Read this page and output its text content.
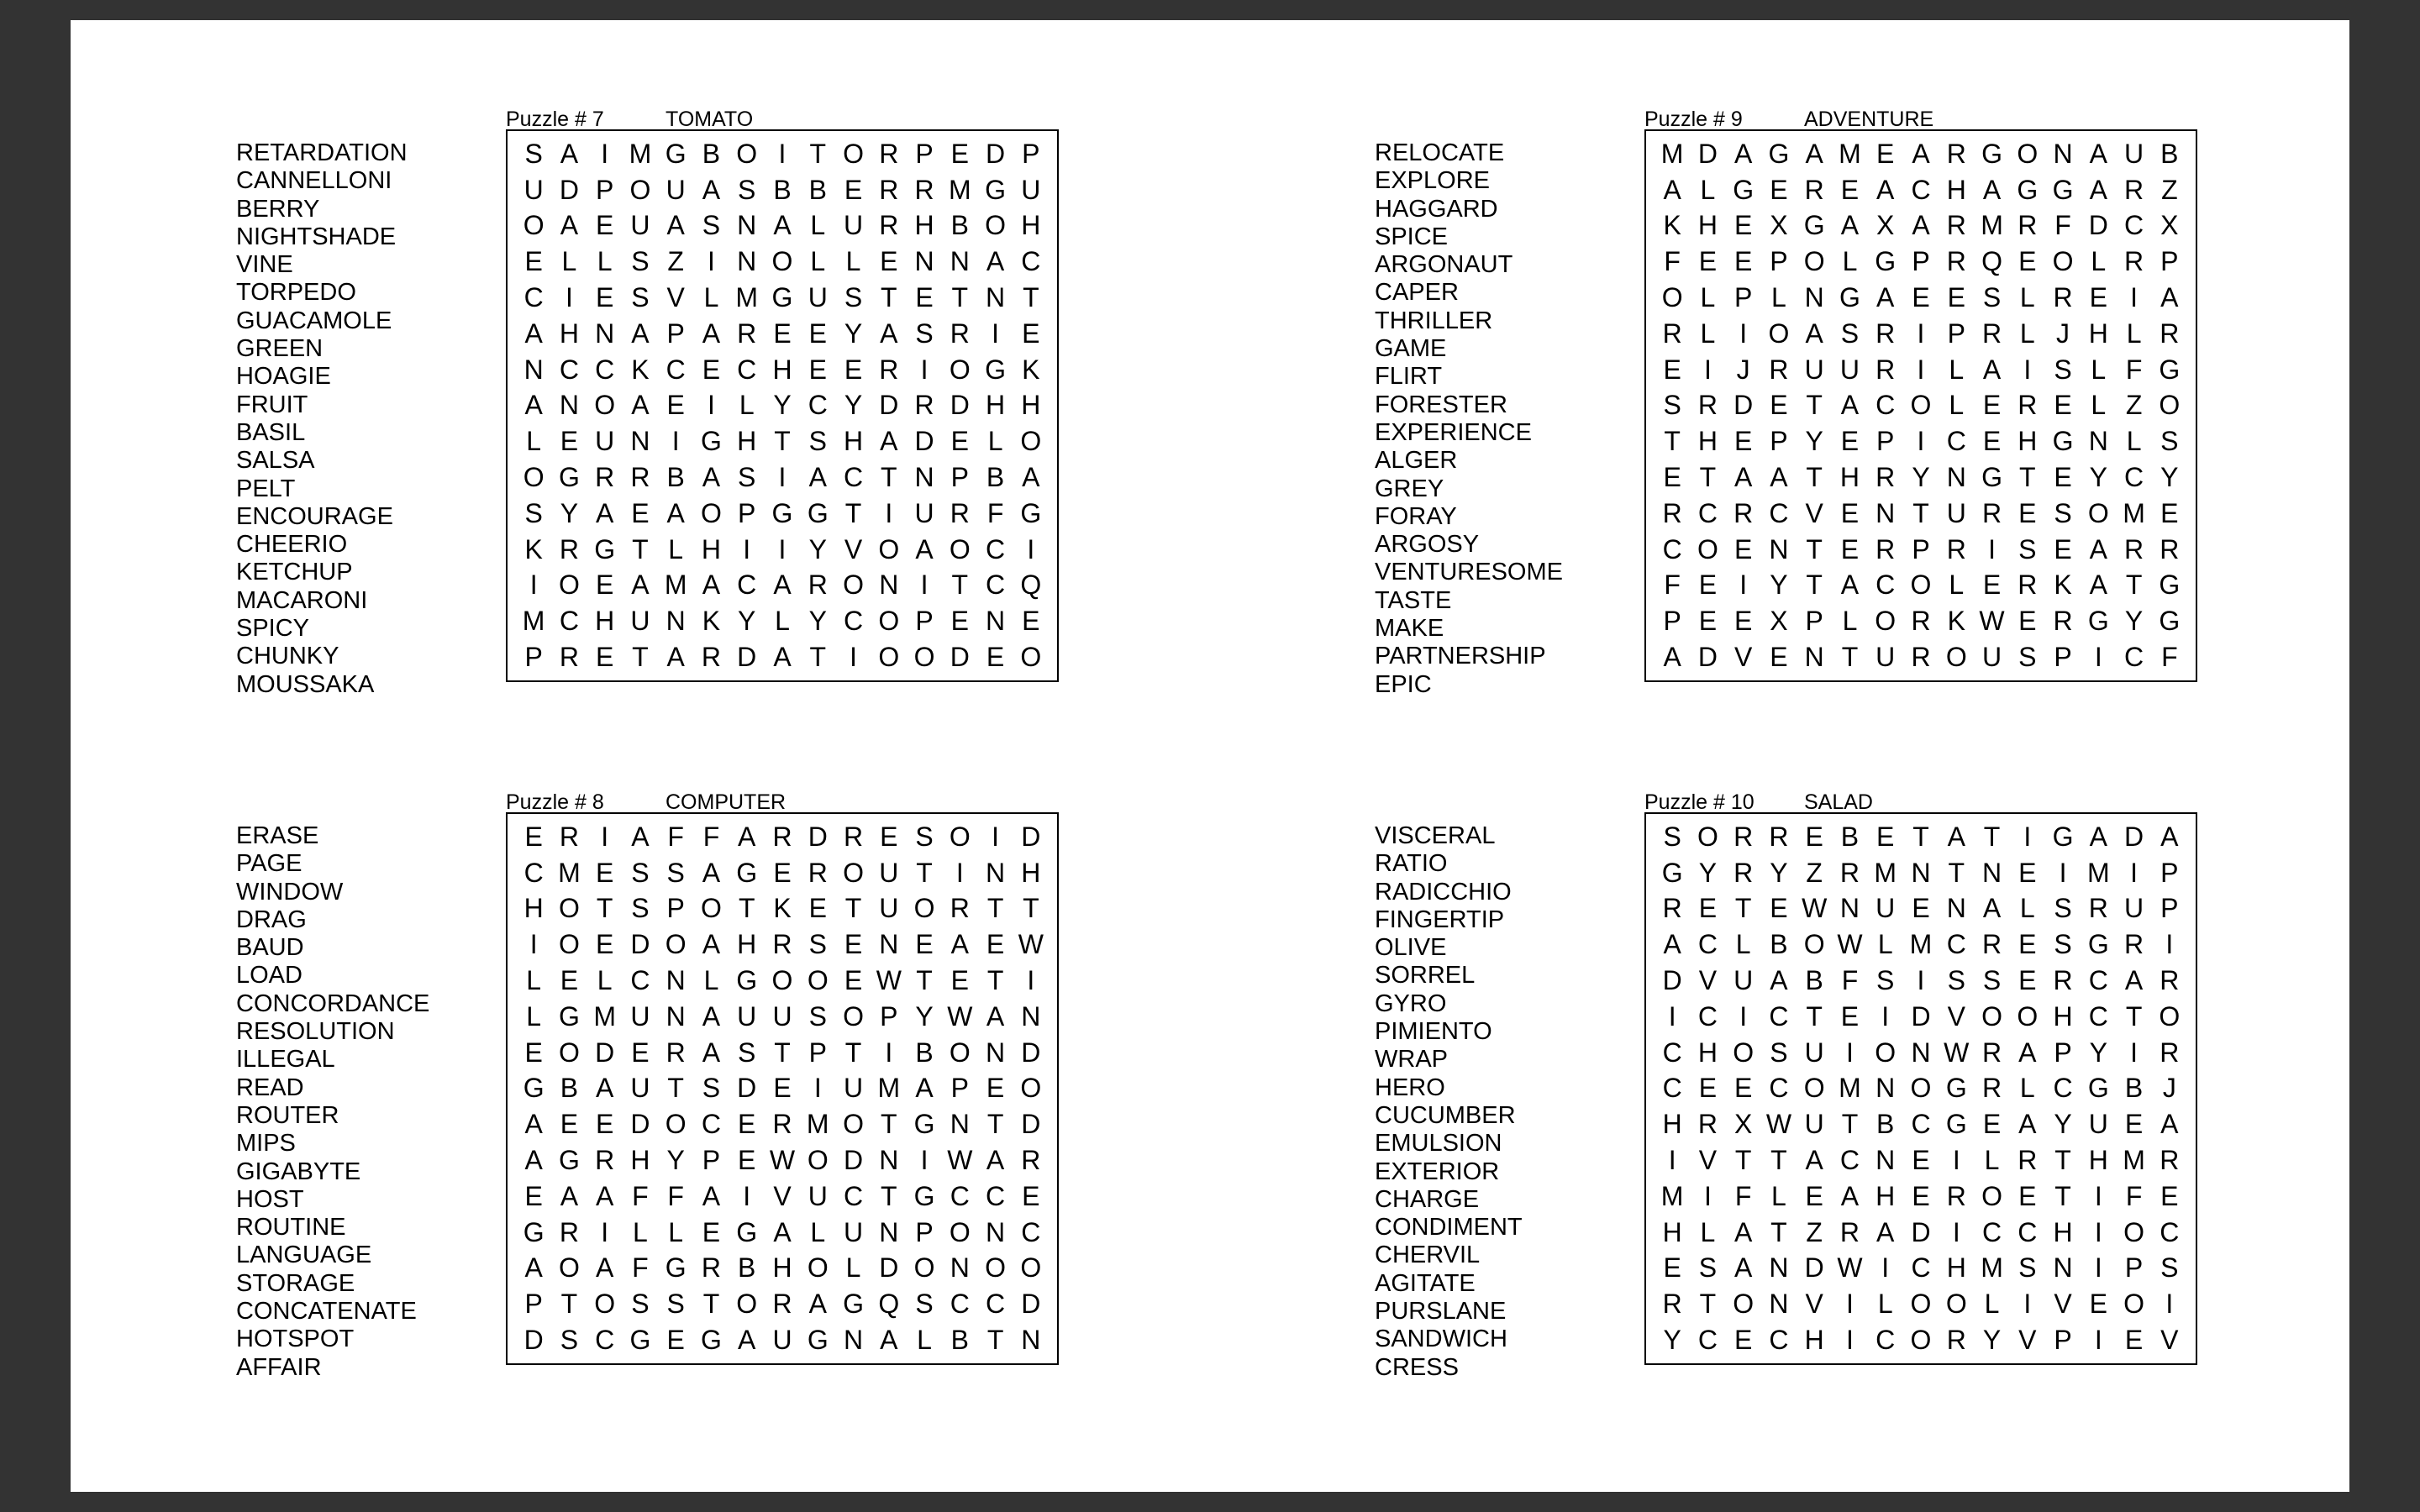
RETARDATION
CANNELLONI
BERRY
NIGHTSHADE
VINE
TORPEDO
GUACAMOLE
GREEN
HOAGIE
FRUIT
BASIL
SALSA
PELT
ENCOURAGE
CHEERIO
KETCHUP
MACARONI
SPICY
CHUNKY
MOUSSAKA
Puzzle # 7	TOMATO
S A I M G B O I T O R P E D P
U D P O U A S B B E R R M G U
O A E U A S N A L U R H B O H
E L L S Z I N O L L E N N A C
C I E S V L M G U S T E T N T
A H N A P A R E E Y A S R I E
N C C K C E C H E E R I O G K
A N O A E I L Y C Y D R D H H
L E U N I G H T S H A D E L O
O G R R B A S I A C T N P B A
S Y A E A O P G G T I U R F G
K R G T L H I	I Y V O A O C I
I O E A M A C A R O N I T C Q
M C H U N K Y L Y C O P E N E
P R E T A R D A T I O O D E O
RELOCATE
EXPLORE
HAGGARD
SPICE
ARGONAUT
CAPER
THRILLER
GAME
FLIRT
FORESTER
EXPERIENCE
ALGER
GREY
FORAY
ARGOSY
VENTURESOME
TASTE
MAKE
PARTNERSHIP
EPIC
Puzzle # 9	ADVENTURE
M D A G A M E A R G O N A U B
A L G E R E A C H A G G A R Z
K H E X G A X A R M R F D C X
F E E P O L G P R Q E O L R P
O L P L N G A E E S L R E I A
R L I O A S R I P R L J H L R
E I J R U U R I L A I S L F G
S R D E T A C O L E R E L Z O
T H E P Y E P I C E H G N L S
E T A A T H R Y N G T E Y C Y
R C R C V E N T U R E S O M E
C O E N T E R P R I S E A R R
F E I Y T A C O L E R K A T G
P E E X P L O R K W E R G Y G
A D V E N T U R O U S P I C F
ERASE
PAGE
WINDOW
DRAG
BAUD
LOAD
CONCORDANCE
RESOLUTION
ILLEGAL
READ
ROUTER
MIPS
GIGABYTE
HOST
ROUTINE
LANGUAGE
STORAGE
CONCATENATE
HOTSPOT
AFFAIR
Puzzle # 8	COMPUTER
E R I A F F A R D R E S O I D
C M E S S A G E R O U T I N H
H O T S P O T K E T U O R T T
I O E D O A H R S E N E A E W
L E L C N L G O O E W T E T I
L G M U N A U U S O P Y W A N
E O D E R A S T P T I B O N D
G B A U T S D E I U M A P E O
A E E D O C E R M O T G N T D
A G R H Y P E W O D N I W A R
E A A F F A I V U C T G C C E
G R I L L E G A L U N P O N C
A O A F G R B H O L D O N O O
P T O S S T O R A G Q S C C D
D S C G E G A U G N A L B T N
VISCERAL
RATIO
RADICCHIO
FINGERTIP
OLIVE
SORREL
GYRO
PIMIENTO
WRAP
HERO
CUCUMBER
EMULSION
EXTERIOR
CHARGE
CONDIMENT
CHERVIL
AGITATE
PURSLANE
SANDWICH
CRESS
Puzzle # 10 SALAD
S O R R E B E T A T I G A D A
G Y R Y Z R M N T N E I M I P
R E T E W N U E N A L S R U P
A C L B O W L M C R E S G R I
D V U A B F S I S S E R C A R
I C I C T E I D V O O H C T O
C H O S U I O N W R A P Y I R
C E E C O M N O G R L C G B J
H R X W U T B C G E A Y U E A
I V T T A C N E I L R T H M R
M I F L E A H E R O E T I F E
H L A T Z R A D I C C H I O C
E S A N D W I C H M S N I P S
R T O N V I L O O L I V E O I
Y C E C H I C O R Y V P I E V
